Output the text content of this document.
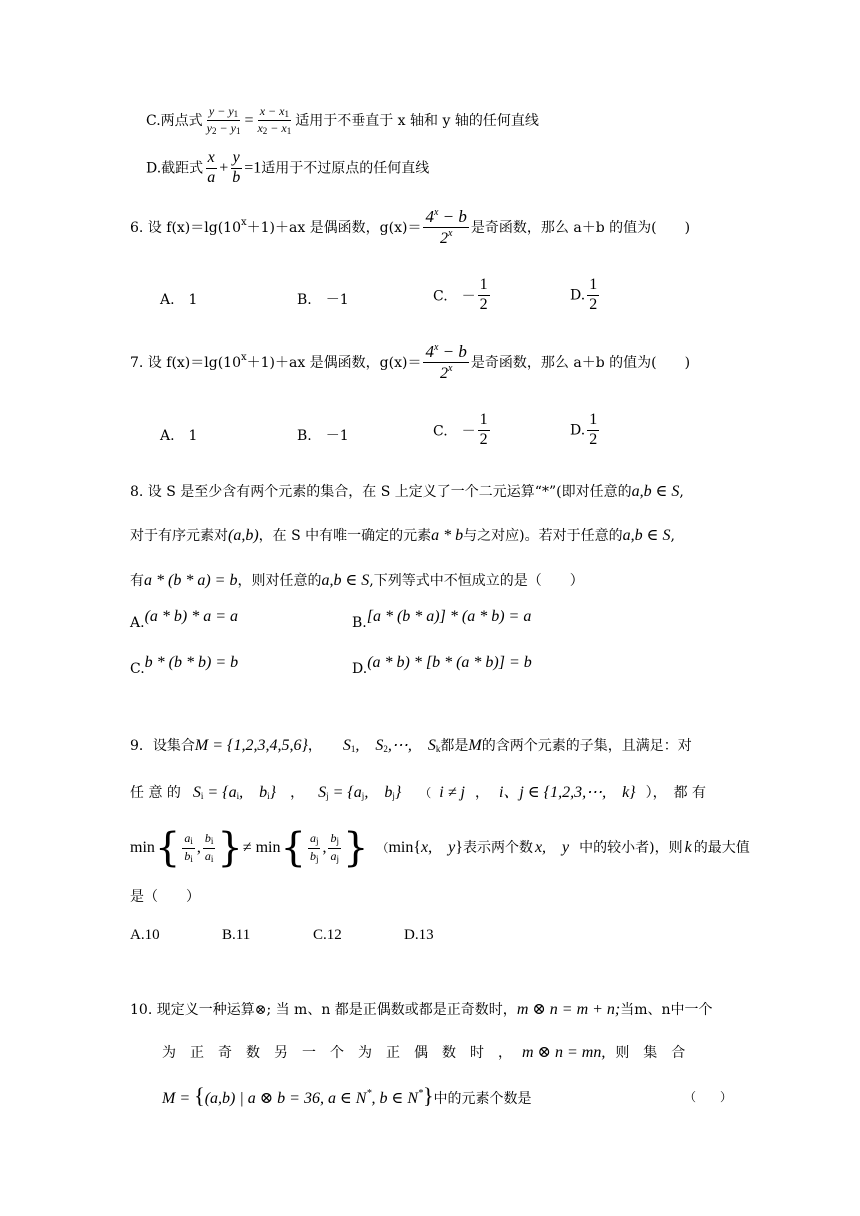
C.两点式 $\frac{y - y_1}{y_2 - y_1} = \frac{x - x_1}{x_2 - x_1}$ 适用于不垂直于 x 轴和 y 轴的任何直线
D.截距式 $\frac{x}{a} + \frac{y}{b} =1$适用于不过原点的任何直线
6. 设 $f(x)=\lg(10^x+1)+ax$ 是偶函数，$g(x)= \frac{4^x - b}{2^x}$ 是奇函数，那么 a＋b 的值为(　　)
A.　1	B.　－1	C.　－ $\frac{1}{2}$	D. $\frac{1}{2}$
7. 设 $f(x)=\lg(10^x+1)+ax$ 是偶函数，$g(x)= \frac{4^x - b}{2^x}$ 是奇函数，那么 a＋b 的值为(　　)
A.　1	B.　－1	C.　－ $\frac{1}{2}$	D. $\frac{1}{2}$
8. 设 S 是至少含有两个元素的集合，在 S 上定义了一个二元运算“*”(即对任意的a,b ∈ S,
对于有序元素对(a,b)，在 S 中有唯一确定的元素a * b与之对应)。若对于任意的a,b ∈ S,
有a * (b * a) = b，则对任意的a,b ∈ S,下列等式中不恒成立的是（　　）
A.(a * b) * a = a	B.[a * (b * a)] * (a * b) = a
C.b * (b * b) = b	D.(a * b) * [b * (a * b)] = b
9．设集合M = {1,2,3,4,5,6}，　　$S_1$,　$S_2,\cdots$,　$S_k$都是M的含两个元素的子集，且满足：对
任 意 的 $S_i = \{a_i$,　$b_i$} ， $S_j = \{a_j$,　$b_j$} （ i ≠ j ， i、j ∈ {1,2,3,⋯,　k} ），　都 有
min { $\frac{a_i}{b_i}$ , $\frac{b_i}{a_i}$ } ≠ min { $\frac{a_j}{b_j}$ , $\frac{b_j}{a_j}$ } （ min{x,　y} 表示两个数 x,　y 中的较小者)，则 k 的最大值
是（　　）
A.10	B.11	C.12	D.13
10. 现定义一种运算⊗; 当 m、n 都是正偶数或都是正奇数时，m ⊗ n = m + n;当m、n中一个
为　正　奇　数　另　一　个　为　正　偶　数　时　， m ⊗ n = mn, 则　集　合
M = {(a,b) | a ⊗ b = 36, a ∈ N*, b ∈ N*}中的元素个数是	（　　）
